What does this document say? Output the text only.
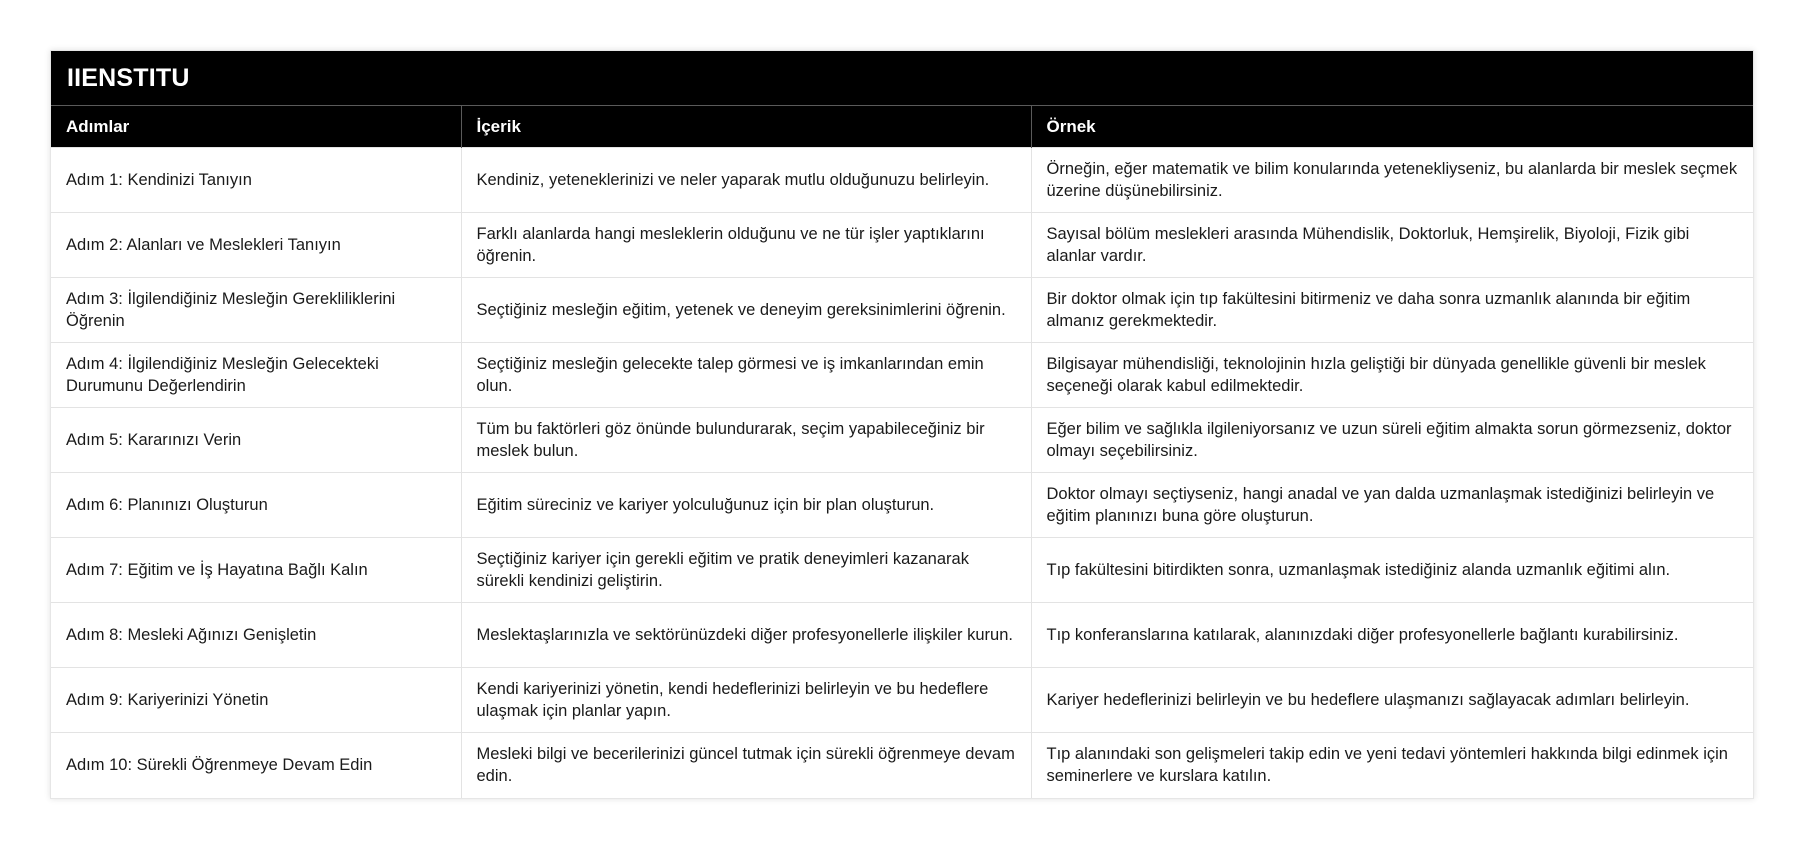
IIENSTITU
Adımlar	İçerik	Örnek
Adım 1: Kendinizi Tanıyın	Kendiniz, yeteneklerinizi ve neler yaparak mutlu olduğunuzu belirleyin.	Örneğin, eğer matematik ve bilim konularında yetenekliyseniz, bu alanlarda bir meslek seçmek üzerine düşünebilirsiniz.
Adım 2: Alanları ve Meslekleri Tanıyın	Farklı alanlarda hangi mesleklerin olduğunu ve ne tür işler yaptıklarını öğrenin.	Sayısal bölüm meslekleri arasında Mühendislik, Doktorluk, Hemşirelik, Biyoloji, Fizik gibi alanlar vardır.
Adım 3: İlgilendiğiniz Mesleğin Gerekliliklerini Öğrenin	Seçtiğiniz mesleğin eğitim, yetenek ve deneyim gereksinimlerini öğrenin.	Bir doktor olmak için tıp fakültesini bitirmeniz ve daha sonra uzmanlık alanında bir eğitim almanız gerekmektedir.
Adım 4: İlgilendiğiniz Mesleğin Gelecekteki Durumunu Değerlendirin	Seçtiğiniz mesleğin gelecekte talep görmesi ve iş imkanlarından emin olun.	Bilgisayar mühendisliği, teknolojinin hızla geliştiği bir dünyada genellikle güvenli bir meslek seçeneği olarak kabul edilmektedir.
Adım 5: Kararınızı Verin	Tüm bu faktörleri göz önünde bulundurarak, seçim yapabileceğiniz bir meslek bulun.	Eğer bilim ve sağlıkla ilgileniyorsanız ve uzun süreli eğitim almakta sorun görmezseniz, doktor olmayı seçebilirsiniz.
Adım 6: Planınızı Oluşturun	Eğitim süreciniz ve kariyer yolculuğunuz için bir plan oluşturun.	Doktor olmayı seçtiyseniz, hangi anadal ve yan dalda uzmanlaşmak istediğinizi belirleyin ve eğitim planınızı buna göre oluşturun.
Adım 7: Eğitim ve İş Hayatına Bağlı Kalın	Seçtiğiniz kariyer için gerekli eğitim ve pratik deneyimleri kazanarak sürekli kendinizi geliştirin.	Tıp fakültesini bitirdikten sonra, uzmanlaşmak istediğiniz alanda uzmanlık eğitimi alın.
Adım 8: Mesleki Ağınızı Genişletin	Meslektaşlarınızla ve sektörünüzdeki diğer profesyonellerle ilişkiler kurun.	Tıp konferanslarına katılarak, alanınızdaki diğer profesyonellerle bağlantı kurabilirsiniz.
Adım 9: Kariyerinizi Yönetin	Kendi kariyerinizi yönetin, kendi hedeflerinizi belirleyin ve bu hedeflere ulaşmak için planlar yapın.	Kariyer hedeflerinizi belirleyin ve bu hedeflere ulaşmanızı sağlayacak adımları belirleyin.
Adım 10: Sürekli Öğrenmeye Devam Edin	Mesleki bilgi ve becerilerinizi güncel tutmak için sürekli öğrenmeye devam edin.	Tıp alanındaki son gelişmeleri takip edin ve yeni tedavi yöntemleri hakkında bilgi edinmek için seminerlere ve kurslara katılın.
